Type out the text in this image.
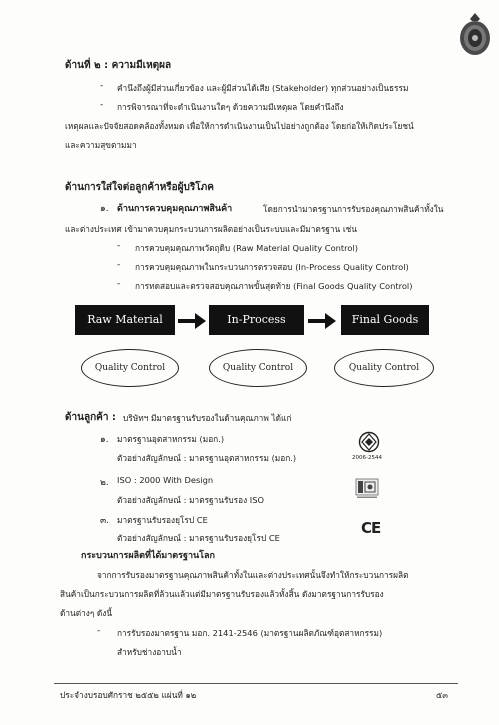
ด้านที่ ๒ : ความมีเหตุผล
- คำนึงถึงผู้มีส่วนเกี่ยวข้อง และผู้มีส่วนได้เสีย (Stakeholder) ทุกส่วนอย่างเป็นธรรม
- การพิจารณาที่จะดำเนินงานใดๆ ด้วยความมีเหตุผล โดยคำนึงถึง
เหตุผลและปัจจัยสอดคล้องทั้งหมด เพื่อให้การดำเนินงานเป็นไปอย่างถูกต้อง โดยก่อให้เกิดประโยชน์
และความสุขตามมา
ด้านการใส่ใจต่อลูกค้าหรือผู้บริโภค
๑. ด้านการควบคุมคุณภาพสินค้า	โดยการนำมาตรฐานการรับรองคุณภาพสินค้าทั้งใน
และต่างประเทศ เข้ามาควบคุมกระบวนการผลิตอย่างเป็นระบบและมีมาตรฐาน เช่น
- การควบคุมคุณภาพวัตถุดิบ (Raw Material Quality Control)
- การควบคุมคุณภาพในกระบวนการตรวจสอบ (In-Process Quality Control)
- การทดสอบและตรวจสอบคุณภาพขั้นสุดท้าย (Final Goods Quality Control)
Raw Material	In-Process	Final Goods
Quality Control	Quality Control	Quality Control
ด้านลูกค้า : บริษัทฯ มีมาตรฐานรับรองในด้านคุณภาพ ได้แก่
๑. มาตรฐานอุตสาหกรรม (มอก.)
ตัวอย่างสัญลักษณ์ : มาตรฐานอุตสาหกรรม (มอก.)	2006-2544
๒. ISO : 2000 With Design
ตัวอย่างสัญลักษณ์ : มาตรฐานรับรอง ISO
๓. มาตรฐานรับรองยุโรป CE
ตัวอย่างสัญลักษณ์ : มาตรฐานรับรองยุโรป CE
CE
กระบวนการผลิตที่ได้มาตรฐานโลก
จากการรับรองมาตรฐานคุณภาพสินค้าทั้งในและต่างประเทศนั้นจึงทำให้กระบวนการผลิต
สินค้าเป็นกระบวนการผลิตที่ล้วนแล้วแต่มีมาตรฐานรับรองแล้วทั้งสิ้น ดังมาตรฐานการรับรอง
ด้านต่างๆ ดังนี้
- การรับรองมาตรฐาน มอก. 2141-2546 (มาตรฐานผลิตภัณฑ์อุตสาหกรรม)
สำหรับช่างอาบน้ำ
ประจำงบรอบศักราช ๒๕๕๒ แผ่นที่ ๑๒	๕๓
